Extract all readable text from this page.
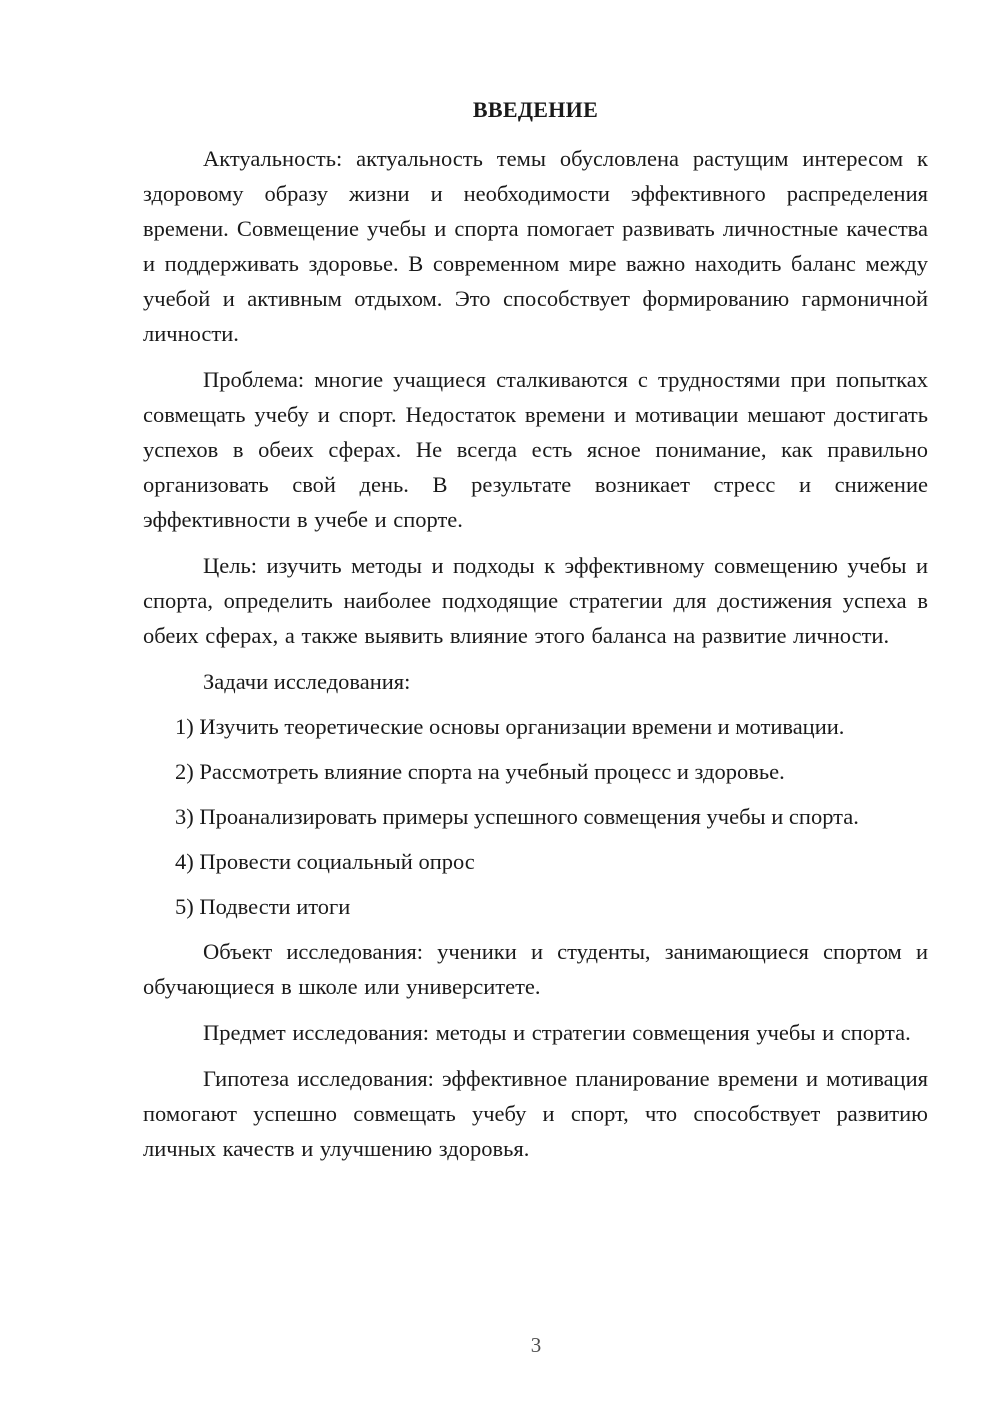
ВВЕДЕНИЕ

Актуальность: актуальность темы обусловлена растущим интересом к здоровому образу жизни и необходимости эффективного распределения времени. Совмещение учебы и спорта помогает развивать личностные качества и поддерживать здоровье. В современном мире важно находить баланс между учебой и активным отдыхом. Это способствует формированию гармоничной личности.

Проблема: многие учащиеся сталкиваются с трудностями при попытках совмещать учебу и спорт. Недостаток времени и мотивации мешают достигать успехов в обеих сферах. Не всегда есть ясное понимание, как правильно организовать свой день. В результате возникает стресс и снижение эффективности в учебе и спорте.

Цель: изучить методы и подходы к эффективному совмещению учебы и спорта, определить наиболее подходящие стратегии для достижения успеха в обеих сферах, а также выявить влияние этого баланса на развитие личности.

Задачи исследования:

1) Изучить теоретические основы организации времени и мотивации.

2) Рассмотреть влияние спорта на учебный процесс и здоровье.

3) Проанализировать примеры успешного совмещения учебы и спорта.

4) Провести социальный опрос

5) Подвести итоги

Объект исследования: ученики и студенты, занимающиеся спортом и обучающиеся в школе или университете.

Предмет исследования: методы и стратегии совмещения учебы и спорта.

Гипотеза исследования: эффективное планирование времени и мотивация помогают успешно совмещать учебу и спорт, что способствует развитию личных качеств и улучшению здоровья.

3
